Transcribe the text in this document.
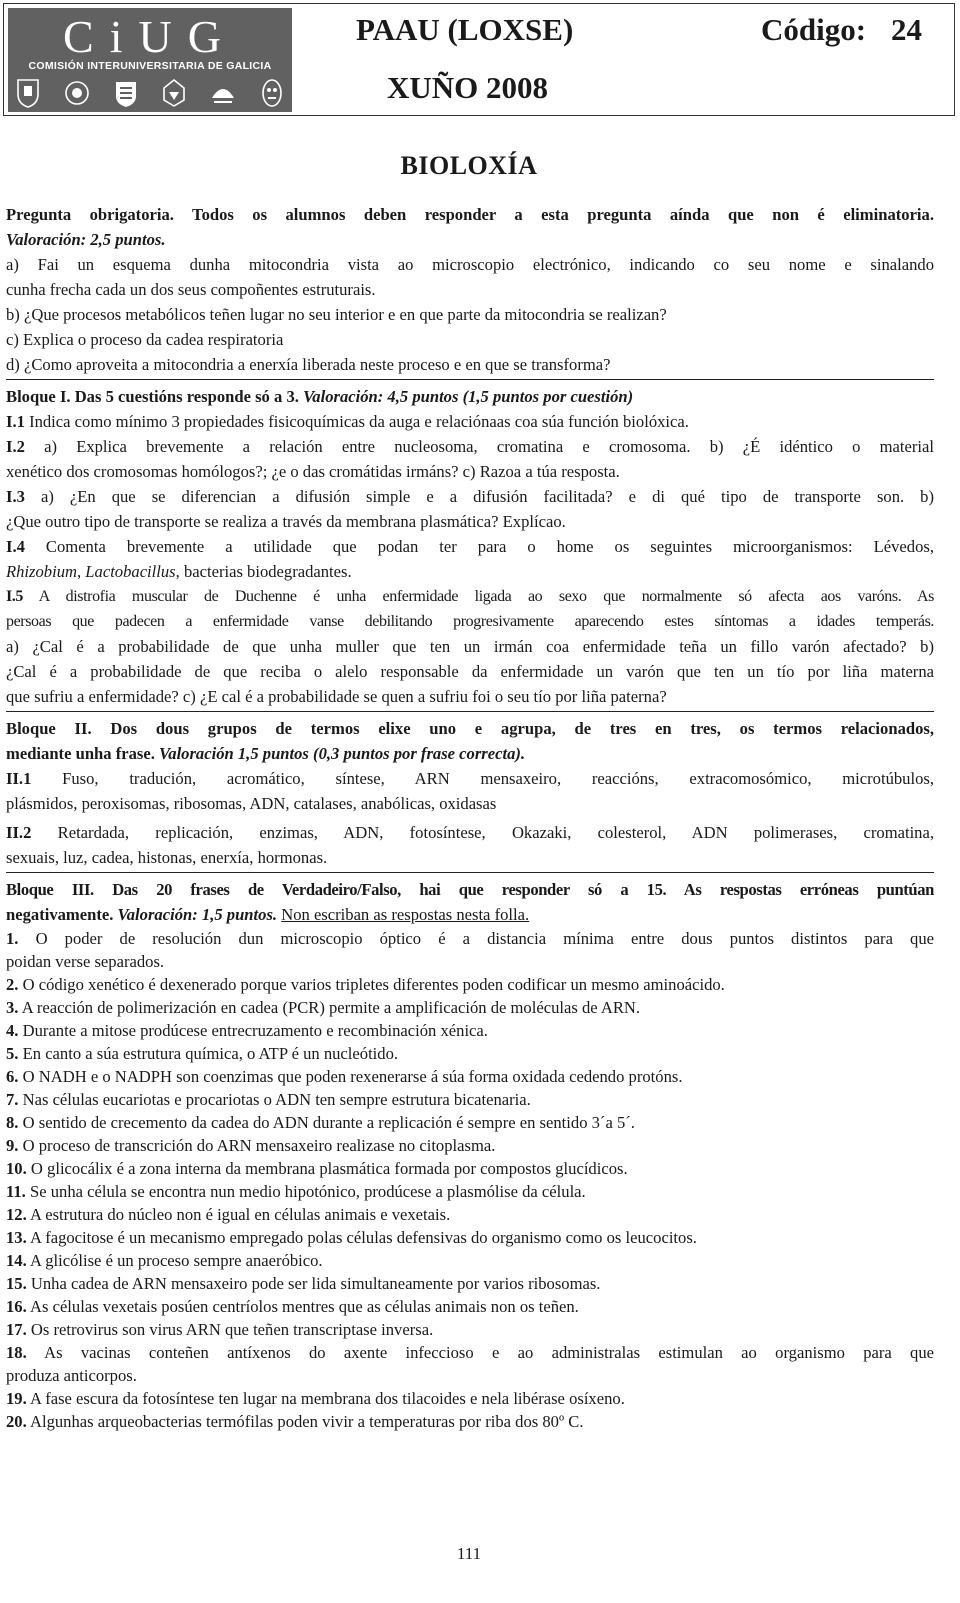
CiUG
COMISIÓN INTERUNIVERSITARIA DE GALICIA
PAAU (LOXSE)	Código: 24
XUÑO 2008
BIOLOXÍA

Pregunta obrigatoria. Todos os alumnos deben responder a esta pregunta aínda que non é eliminatoria.

Valoración: 2,5 puntos.

a) Fai un esquema dunha mitocondria vista ao microscopio electrónico, indicando co seu nome e sinalando

cunha frecha cada un dos seus compoñentes estruturais.

b) ¿Que procesos metabólicos teñen lugar no seu interior e en que parte da mitocondria se realizan?

c) Explica o proceso da cadea respiratoria

d) ¿Como aproveita a mitocondria a enerxía liberada neste proceso e en que se transforma?

Bloque I. Das 5 cuestións responde só a 3. Valoración: 4,5 puntos (1,5 puntos por cuestión)

I.1 Indica como mínimo 3 propiedades fisicoquímicas da auga e relaciónaas coa súa función biolóxica.

I.2 a) Explica brevemente a relación entre nucleosoma, cromatina e cromosoma. b) ¿É idéntico o material

xenético dos cromosomas homólogos?; ¿e o das cromátidas irmáns? c) Razoa a túa resposta.

I.3 a) ¿En que se diferencian a difusión simple e a difusión facilitada? e di qué tipo de transporte son. b)

¿Que outro tipo de transporte se realiza a través da membrana plasmática? Explícao.

I.4 Comenta brevemente a utilidade que podan ter para o home os seguintes microorganismos: Lévedos,

Rhizobium, Lactobacillus, bacterias biodegradantes.

I.5 A distrofia muscular de Duchenne é unha enfermidade ligada ao sexo que normalmente só afecta aos varóns. As

persoas que padecen a enfermidade vanse debilitando progresivamente aparecendo estes síntomas a idades temperás.

a) ¿Cal é a probabilidade de que unha muller que ten un irmán coa enfermidade teña un fillo varón afectado? b)

¿Cal é a probabilidade de que reciba o alelo responsable da enfermidade un varón que ten un tío por liña materna

que sufriu a enfermidade? c) ¿E cal é a probabilidade se quen a sufriu foi o seu tío por liña paterna?

Bloque II. Dos dous grupos de termos elixe uno e agrupa, de tres en tres, os termos relacionados,

mediante unha frase. Valoración 1,5 puntos (0,3 puntos por frase correcta).

II.1 Fuso, tradución, acromático, síntese, ARN mensaxeiro, reaccións, extracomosómico, microtúbulos,

plásmidos, peroxisomas, ribosomas, ADN, catalases, anabólicas, oxidasas

II.2 Retardada, replicación, enzimas, ADN, fotosíntese, Okazaki, colesterol, ADN polimerases, cromatina,

sexuais, luz, cadea, histonas, enerxía, hormonas.

Bloque III. Das 20 frases de Verdadeiro/Falso, hai que responder só a 15. As respostas erróneas puntúan

negativamente. Valoración: 1,5 puntos. Non escriban as respostas nesta folla.

1. O poder de resolución dun microscopio óptico é a distancia mínima entre dous puntos distintos para que

poidan verse separados.

2. O código xenético é dexenerado porque varios tripletes diferentes poden codificar un mesmo aminoácido.

3. A reacción de polimerización en cadea (PCR) permite a amplificación de moléculas de ARN.

4. Durante a mitose prodúcese entrecruzamento e recombinación xénica.

5. En canto a súa estrutura química, o ATP é un nucleótido.

6. O NADH e o NADPH son coenzimas que poden rexenerarse á súa forma oxidada cedendo protóns.

7. Nas células eucariotas e procariotas o ADN ten sempre estrutura bicatenaria.

8. O sentido de crecemento da cadea do ADN durante a replicación é sempre en sentido 3´a 5´.

9. O proceso de transcrición do ARN mensaxeiro realizase no citoplasma.

10. O glicocálix é a zona interna da membrana plasmática formada por compostos glucídicos.

11. Se unha célula se encontra nun medio hipotónico, prodúcese a plasmólise da célula.

12. A estrutura do núcleo non é igual en células animais e vexetais.

13. A fagocitose é un mecanismo empregado polas células defensivas do organismo como os leucocitos.

14. A glicólise é un proceso sempre anaeróbico.

15. Unha cadea de ARN mensaxeiro pode ser lida simultaneamente por varios ribosomas.

16. As células vexetais posúen centríolos mentres que as células animais non os teñen.

17. Os retrovirus son virus ARN que teñen transcriptase inversa.

18. As vacinas conteñen antíxenos do axente infeccioso e ao administralas estimulan ao organismo para que

produza anticorpos.

19. A fase escura da fotosíntese ten lugar na membrana dos tilacoides e nela libérase osíxeno.

20. Algunhas arqueobacterias termófilas poden vivir a temperaturas por riba dos 80º C.

111
